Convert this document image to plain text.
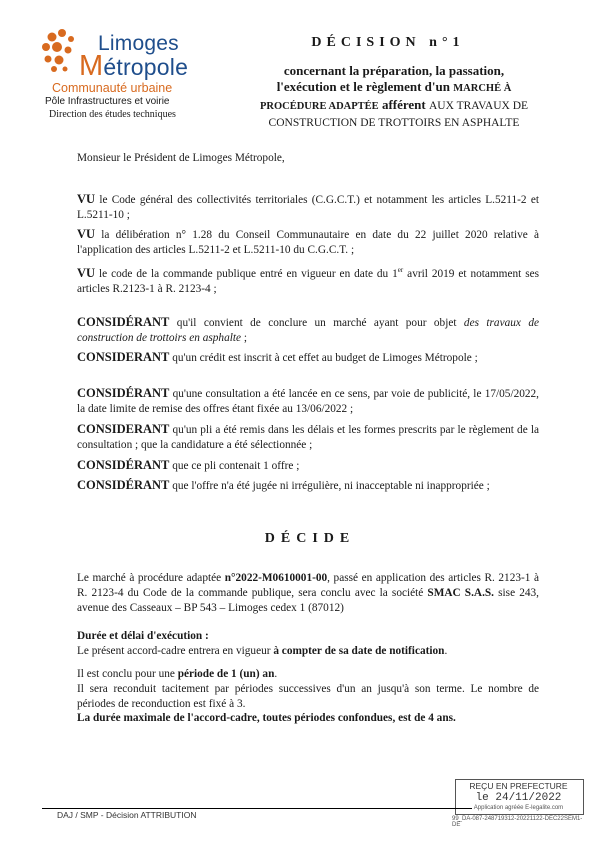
Limoges
Métropole
Communauté urbaine
Pôle Infrastructures et voirie
Direction des études techniques
DÉCISION n°1
concernant la préparation, la passation,
l'exécution et le règlement d'un MARCHÉ À
PROCÉDURE ADAPTÉE afférent AUX TRAVAUX DE
CONSTRUCTION DE TROTTOIRS EN ASPHALTE
Monsieur le Président de Limoges Métropole,
VU le Code général des collectivités territoriales (C.G.C.T.) et notamment les articles L.5211-2 et L.5211-10 ;
VU la délibération n° 1.28 du Conseil Communautaire en date du 22 juillet 2020 relative à l'application des articles L.5211-2 et L.5211-10 du C.G.C.T. ;
VU le code de la commande publique entré en vigueur en date du 1er avril 2019 et notamment ses articles R.2123-1 à R. 2123-4 ;
CONSIDÉRANT qu'il convient de conclure un marché ayant pour objet des travaux de construction de trottoirs en asphalte ;
CONSIDERANT qu'un crédit est inscrit à cet effet au budget de Limoges Métropole ;
CONSIDÉRANT qu'une consultation a été lancée en ce sens, par voie de publicité, le 17/05/2022, la date limite de remise des offres étant fixée au 13/06/2022 ;
CONSIDERANT qu'un pli a été remis dans les délais et les formes prescrits par le règlement de la consultation ; que la candidature a été sélectionnée ;
CONSIDÉRANT que ce pli contenait 1 offre ;
CONSIDÉRANT que l'offre n'a été jugée ni irrégulière, ni inacceptable ni inappropriée ;
DÉCIDE
Le marché à procédure adaptée n°2022-M0610001-00, passé en application des articles R. 2123-1 à R. 2123-4 du Code de la commande publique, sera conclu avec la société SMAC S.A.S. sise 243, avenue des Casseaux – BP 543 – Limoges cedex 1 (87012)
Durée et délai d'exécution :
Le présent accord-cadre entrera en vigueur à compter de sa date de notification.
Il est conclu pour une période de 1 (un) an.
Il sera reconduit tacitement par périodes successives d'un an jusqu'à son terme. Le nombre de périodes de reconduction est fixé à 3.
La durée maximale de l'accord-cadre, toutes périodes confondues, est de 4 ans.
REÇU EN PREFECTURE
le 24/11/2022
Application agréée E-legalite.com
99_DA-087-248719312-20221122-DEC22SEM1-DE
DAJ / SMP - Décision ATTRIBUTION
